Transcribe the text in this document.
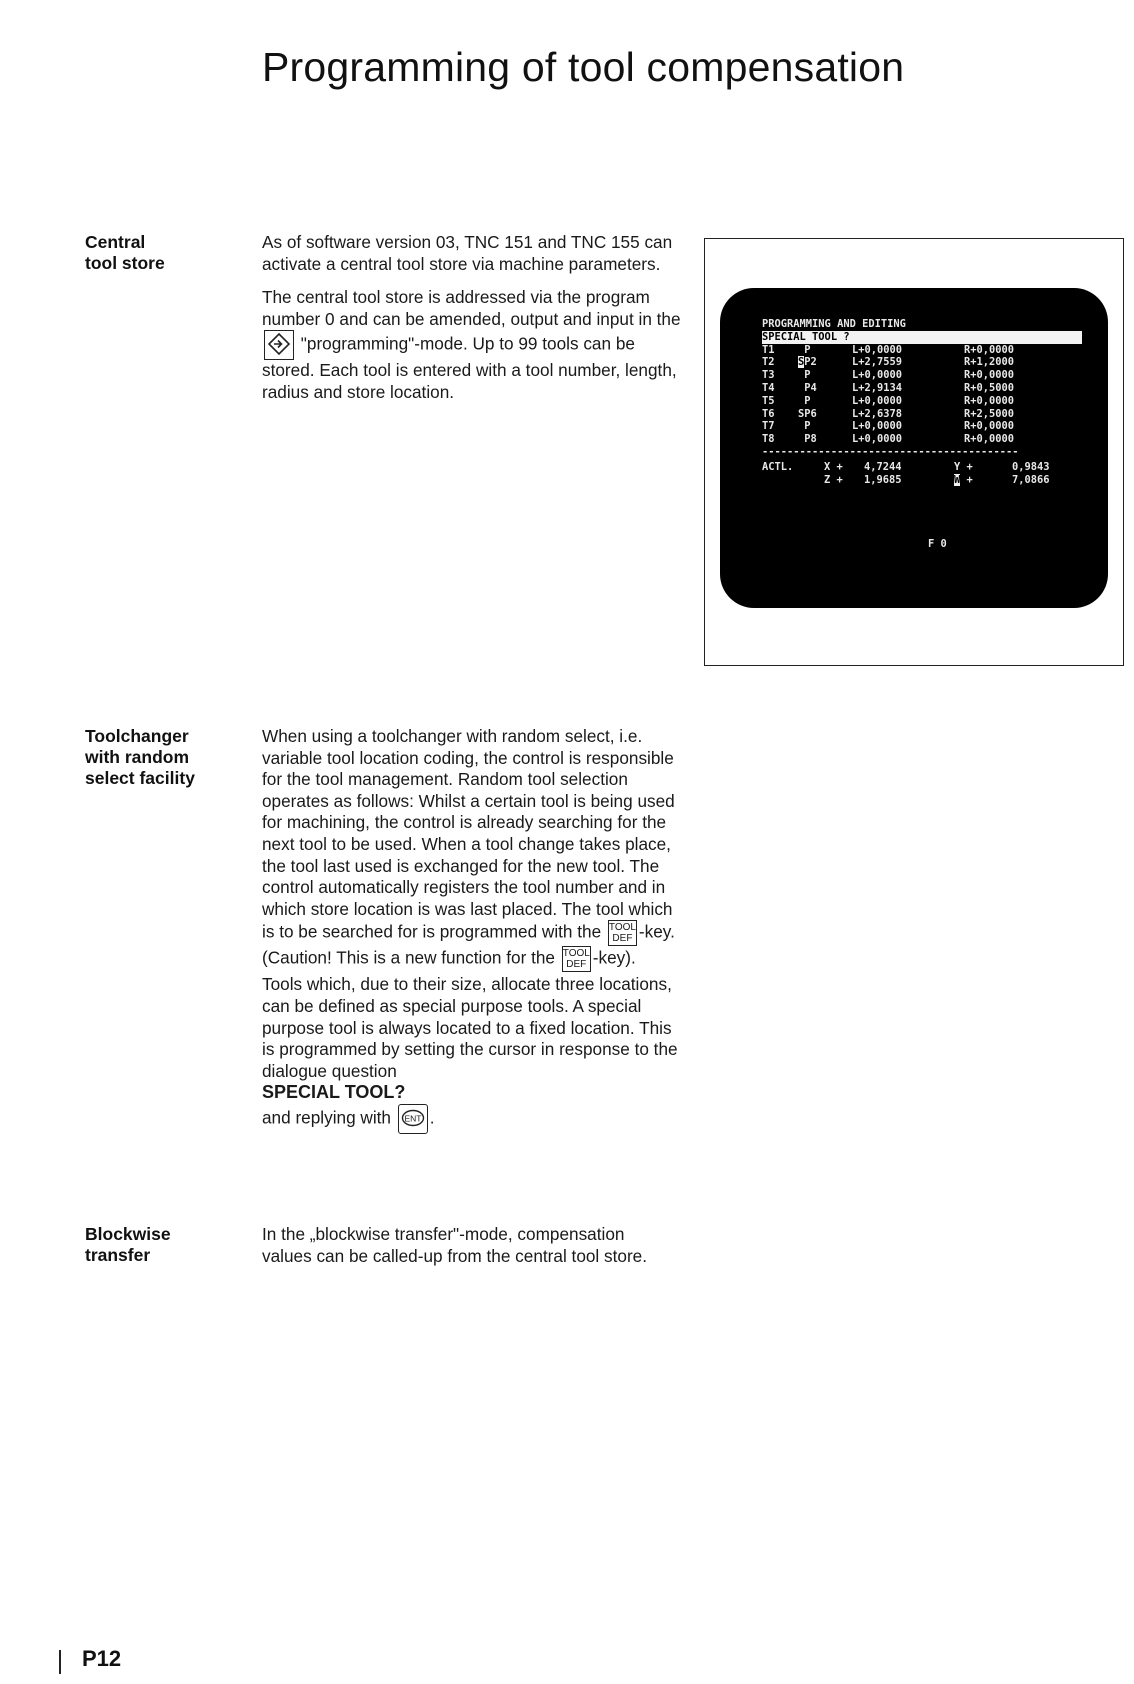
Programming of tool compensation
Central
tool store

As of software version 03, TNC 151 and TNC 155 can activate a central tool store via machine parameters.

The central tool store is addressed via the program number 0 and can be amended, output and input in the  "programming"-mode. Up to 99 tools can be stored. Each tool is entered with a tool number, length, radius and store location.

PROGRAMMING AND EDITING
SPECIAL TOOL ?
T1	P	L+0,0000	R+0,0000
T2	SP2	L+2,7559	R+1,2000
T3	P	L+0,0000	R+0,0000
T4	P4	L+2,9134	R+0,5000
T5	P	L+0,0000	R+0,0000
T6	SP6	L+2,6378	R+2,5000
T7	P	L+0,0000	R+0,0000
T8	P8	L+0,0000	R+0,0000
-----------------------------------------
ACTL.	X +	4,7244	Y +	0,9843
Z +	1,9685	W +	7,0866
F 0
Toolchanger
with random
select facility

When using a toolchanger with random select, i.e. variable tool location coding, the control is responsible for the tool management. Random tool selection operates as follows: Whilst a certain tool is being used for machining, the control is already searching for the next tool to be used. When a tool change takes place, the tool last used is exchanged for the new tool. The control automatically registers the tool number and in which store location is was last placed. The tool which is to be searched for is programmed with the TOOL
DEF -key. (Caution! This is a new function for the TOOL
DEF -key).

Tools which, due to their size, allocate three locations, can be defined as special purpose tools. A special purpose tool is always located to a fixed location. This is programmed by setting the cursor in response to the dialogue question
SPECIAL TOOL?
and replying with ENT .

Blockwise
transfer

In the „blockwise transfer"-mode, compensation values can be called-up from the central tool store.

P12
